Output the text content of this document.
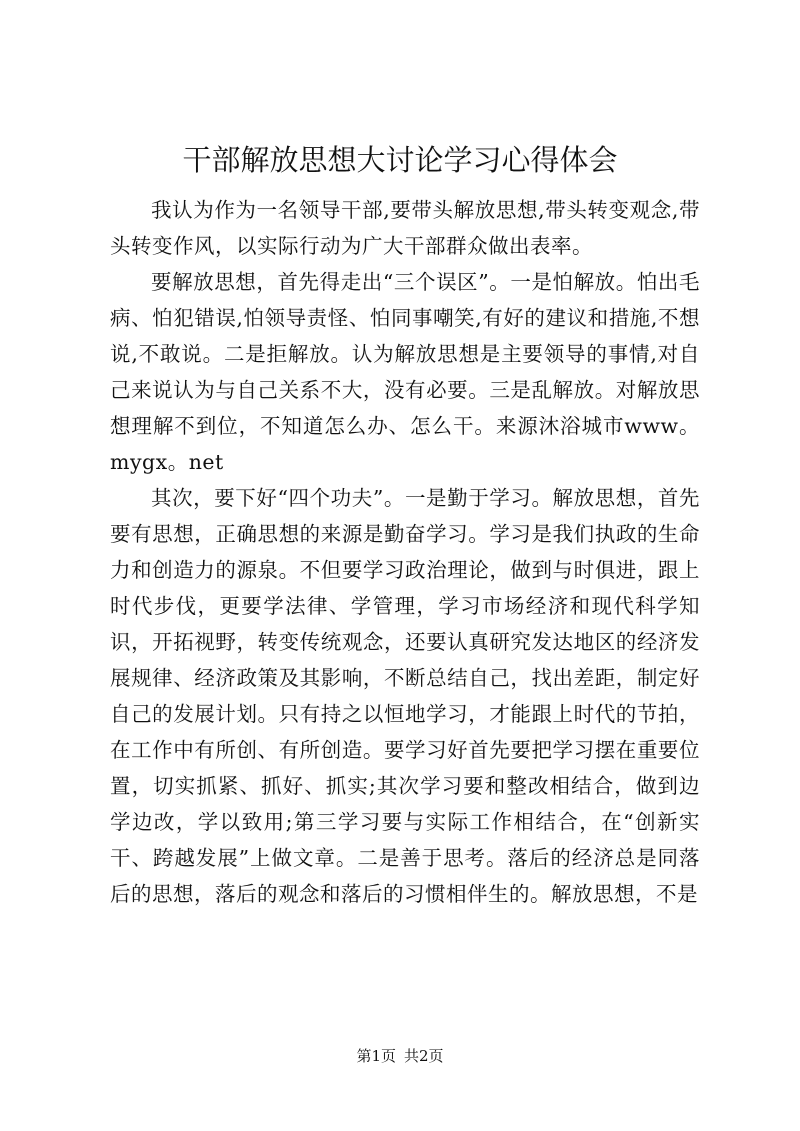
干部解放思想大讨论学习心得体会

我认为作为一名领导干部,要带头解放思想,带头转变观念,带头转变作风，以实际行动为广大干部群众做出表率。

要解放思想，首先得走出“三个误区”。一是怕解放。怕出毛病、怕犯错误,怕领导责怪、怕同事嘲笑,有好的建议和措施,不想说,不敢说。二是拒解放。认为解放思想是主要领导的事情,对自己来说认为与自己关系不大，没有必要。三是乱解放。对解放思想理解不到位，不知道怎么办、怎么干。来源沐浴城市www。mygx。net

其次，要下好“四个功夫”。一是勤于学习。解放思想，首先要有思想，正确思想的来源是勤奋学习。学习是我们执政的生命力和创造力的源泉。不但要学习政治理论，做到与时俱进，跟上时代步伐，更要学法律、学管理，学习市场经济和现代科学知识，开拓视野，转变传统观念，还要认真研究发达地区的经济发展规律、经济政策及其影响，不断总结自己，找出差距，制定好自己的发展计划。只有持之以恒地学习，才能跟上时代的节拍，在工作中有所创、有所创造。要学习好首先要把学习摆在重要位置，切实抓紧、抓好、抓实;其次学习要和整改相结合，做到边学边改，学以致用;第三学习要与实际工作相结合，在“创新实干、跨越发展”上做文章。二是善于思考。落后的经济总是同落后的思想，落后的观念和落后的习惯相伴生的。解放思想，不是

第1页 共2页
